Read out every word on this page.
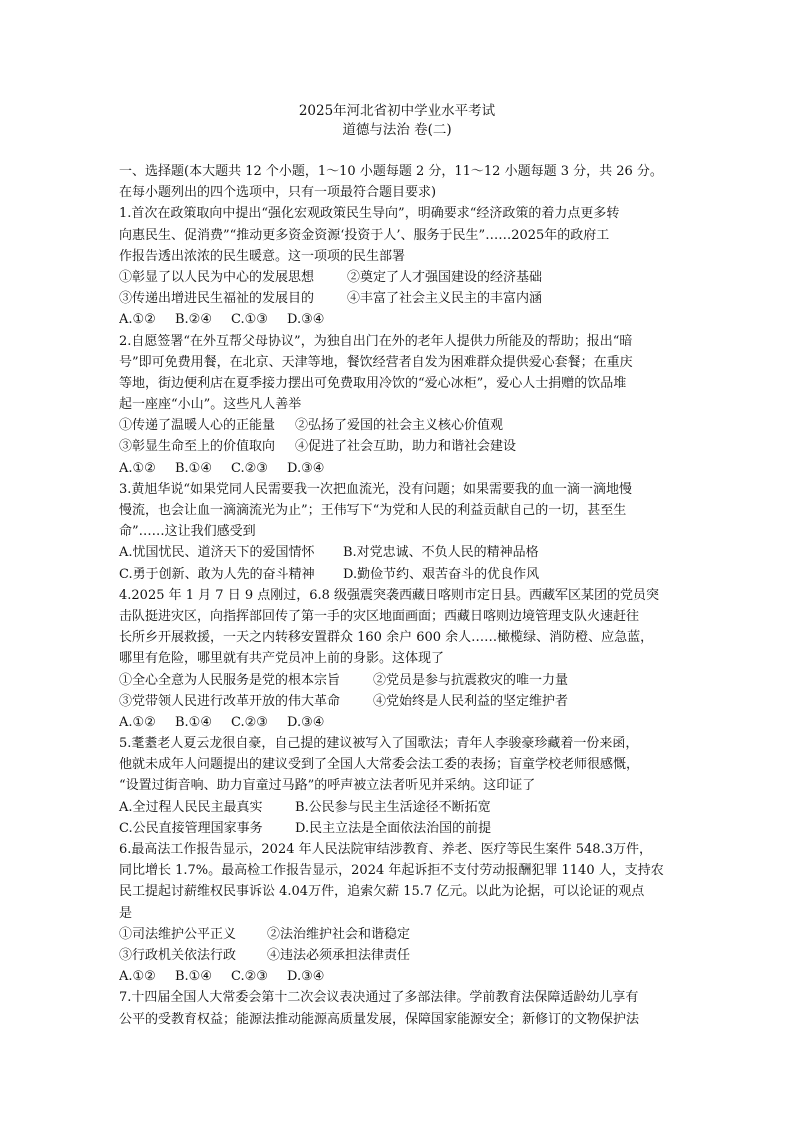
2025年河北省初中学业水平考试
道德与法治 卷(二)
一、选择题(本大题共 12 个小题，1～10 小题每题 2 分，11～12 小题每题 3 分，共 26 分。
在每小题列出的四个选项中，只有一项最符合题目要求)
1.首次在政策取向中提出“强化宏观政策民生导向”，明确要求“经济政策的着力点更多转
向惠民生、促消费”“推动更多资金资源‘投资于人’、服务于民生”……2025年的政府工
作报告透出浓浓的民生暖意。这一项项的民生部署
①彰显了以人民为中心的发展思想	②奠定了人才强国建设的经济基础
③传递出增进民生福祉的发展目的	④丰富了社会主义民主的丰富内涵
A.①② B.②④ C.①③ D.③④
2.自愿签署“在外互帮父母协议”，为独自出门在外的老年人提供力所能及的帮助；报出“暗
号”即可免费用餐，在北京、天津等地，餐饮经营者自发为困难群众提供爱心套餐；在重庆
等地，街边便利店在夏季接力摆出可免费取用冷饮的“爱心冰柜”，爱心人士捐赠的饮品堆
起一座座“小山”。这些凡人善举
①传递了温暖人心的正能量	②弘扬了爱国的社会主义核心价值观
③彰显生命至上的价值取向	④促进了社会互助，助力和谐社会建设
A.①② B.①④ C.②③ D.③④
3.黄旭华说“如果党同人民需要我一次把血流光，没有问题；如果需要我的血一滴一滴地慢
慢流，也会让血一滴滴流光为止”；王伟写下“为党和人民的利益贡献自己的一切，甚至生
命”……这让我们感受到
A.忧国忧民、道济天下的爱国情怀	B.对党忠诚、不负人民的精神品格
C.勇于创新、敢为人先的奋斗精神	D.勤俭节约、艰苦奋斗的优良作风
4.2025 年 1 月 7 日 9 点刚过，6.8 级强震突袭西藏日喀则市定日县。西藏军区某团的党员突
击队挺进灾区，向指挥部回传了第一手的灾区地面画面；西藏日喀则边境管理支队火速赶往
长所乡开展救援，一天之内转移安置群众 160 余户 600 余人……橄榄绿、消防橙、应急蓝，
哪里有危险，哪里就有共产党员冲上前的身影。这体现了
①全心全意为人民服务是党的根本宗旨	②党员是参与抗震救灾的唯一力量
③党带领人民进行改革开放的伟大革命	④党始终是人民利益的坚定维护者
A.①② B.①④ C.②③ D.③④
5.耄耋老人夏云龙很自豪，自己提的建议被写入了国歌法；青年人李骏豪珍藏着一份来函，
他就未成年人问题提出的建议受到了全国人大常委会法工委的表扬；盲童学校老师很感慨，
“设置过街音响、助力盲童过马路”的呼声被立法者听见并采纳。这印证了
A.全过程人民民主最真实	B.公民参与民主生活途径不断拓宽
C.公民直接管理国家事务	D.民主立法是全面依法治国的前提
6.最高法工作报告显示，2024 年人民法院审结涉教育、养老、医疗等民生案件 548.3万件，
同比增长 1.7%。最高检工作报告显示，2024 年起诉拒不支付劳动报酬犯罪 1140 人，支持农
民工提起讨薪维权民事诉讼 4.04万件，追索欠薪 15.7 亿元。以此为论据，可以论证的观点
是
①司法维护公平正义	②法治维护社会和谐稳定
③行政机关依法行政	④违法必须承担法律责任
A.①② B.①④ C.②③ D.③④
7.十四届全国人大常委会第十二次会议表决通过了多部法律。学前教育法保障适龄幼儿享有
公平的受教育权益；能源法推动能源高质量发展，保障国家能源安全；新修订的文物保护法
